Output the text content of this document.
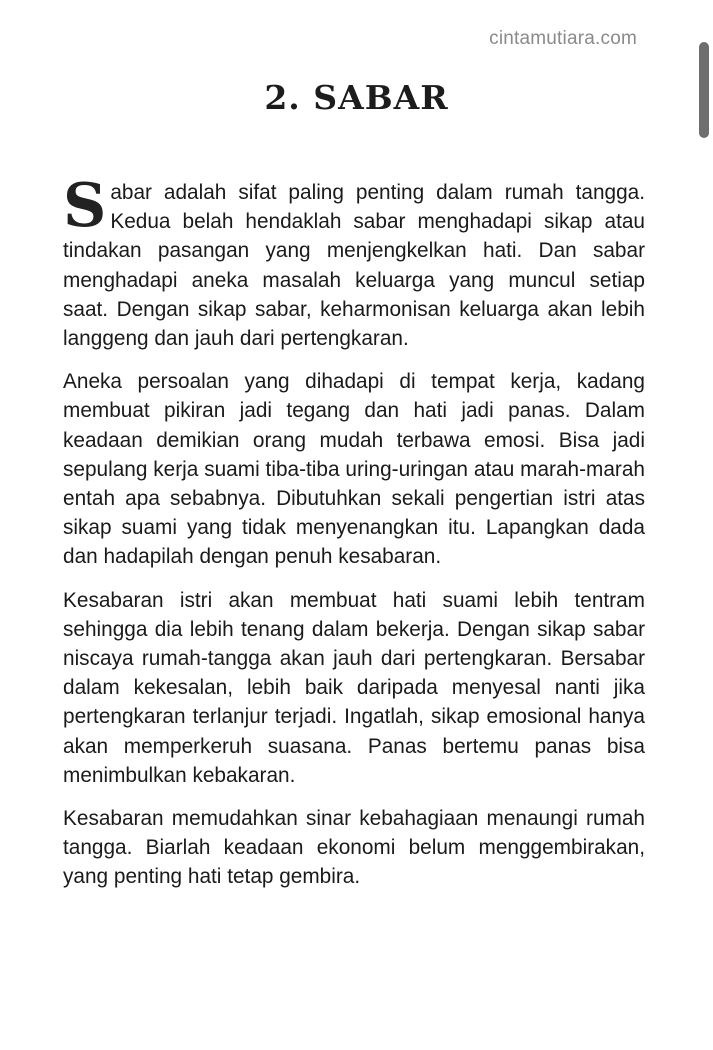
cintamutiara.com
2. SABAR

Sabar adalah sifat paling penting dalam rumah tangga. Kedua belah hendaklah sabar menghadapi sikap atau tindakan pasangan yang menjengkelkan hati. Dan sabar menghadapi aneka masalah keluarga yang muncul setiap saat. Dengan sikap sabar, keharmonisan keluarga akan lebih langgeng dan jauh dari pertengkaran.

Aneka persoalan yang dihadapi di tempat kerja, kadang membuat pikiran jadi tegang dan hati jadi panas. Dalam keadaan demikian orang mudah terbawa emosi. Bisa jadi sepulang kerja suami tiba-tiba uring-uringan atau marah-marah entah apa sebabnya. Dibutuhkan sekali pengertian istri atas sikap suami yang tidak menyenangkan itu. Lapangkan dada dan hadapilah dengan penuh kesabaran.

Kesabaran istri akan membuat hati suami lebih tentram sehingga dia lebih tenang dalam bekerja. Dengan sikap sabar niscaya rumah-tangga akan jauh dari pertengkaran. Bersabar dalam kekesalan, lebih baik daripada menyesal nanti jika pertengkaran terlanjur terjadi. Ingatlah, sikap emosional hanya akan memperkeruh suasana. Panas bertemu panas bisa menimbulkan kebakaran.

Kesabaran memudahkan sinar kebahagiaan menaungi rumah tangga. Biarlah keadaan ekonomi belum menggembirakan, yang penting hati tetap gembira.
